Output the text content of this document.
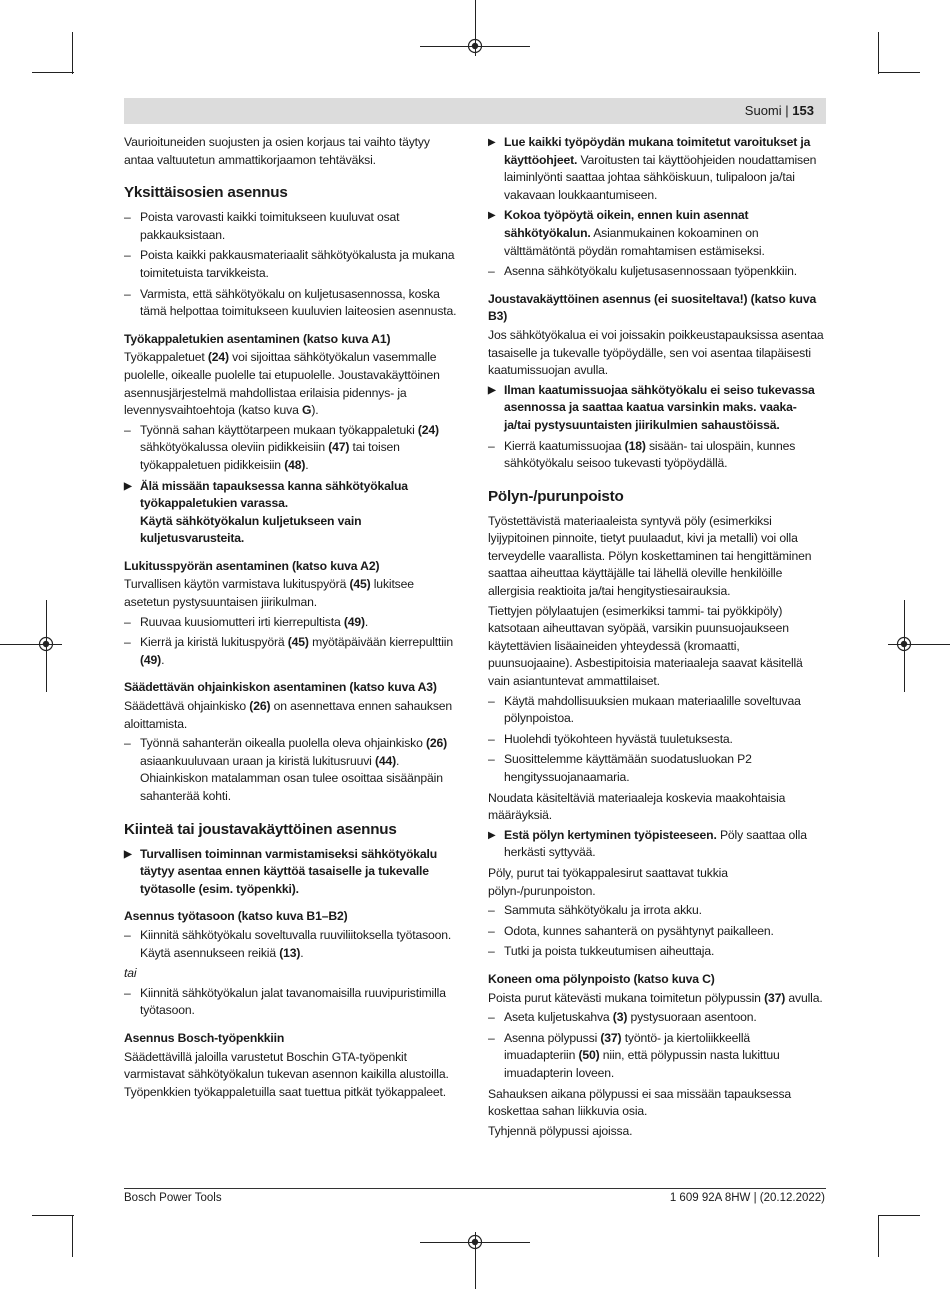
Suomi | 153

Vaurioituneiden suojusten ja osien korjaus tai vaihto täytyy antaa valtuutetun ammattikorjaamon tehtäväksi.

Yksittäisosien asennus
– Poista varovasti kaikki toimitukseen kuuluvat osat pakkauksistaan.
– Poista kaikki pakkausmateriaalit sähkötyökalusta ja mukana toimitetuista tarvikkeista.
– Varmista, että sähkötyökalu on kuljetusasennossa, koska tämä helpottaa toimitukseen kuuluvien laiteosien asennusta.
Työkappaletukien asentaminen (katso kuva A1)

Työkappaletuet (24) voi sijoittaa sähkötyökalun vasemmalle puolelle, oikealle puolelle tai etupuolelle. Joustavakäyttöinen asennusjärjestelmä mahdollistaa erilaisia pidennys- ja levennysvaihtoehtoja (katso kuva G).

– Työnnä sahan käyttötarpeen mukaan työkappaletuki (24) sähkötyökalussa oleviin pidikkeisiin (47) tai toisen työkappaletuen pidikkeisiin (48).
▶ Älä missään tapauksessa kanna sähkötyökalua työkappaletukien varassa.
Käytä sähkötyökalun kuljetukseen vain kuljetusvarusteita.
Lukitusspyörän asentaminen (katso kuva A2)

Turvallisen käytön varmistava lukituspyörä (45) lukitsee asetetun pystysuuntaisen jiirikulman.

– Ruuvaa kuusiomutteri irti kierrepultista (49).
– Kierrä ja kiristä lukituspyörä (45) myötäpäivään kierrepulttiin (49).
Säädettävän ohjainkiskon asentaminen (katso kuva A3)

Säädettävä ohjainkisko (26) on asennettava ennen sahauksen aloittamista.

– Työnnä sahanterän oikealla puolella oleva ohjainkisko (26) asiaankuuluvaan uraan ja kiristä lukitusruuvi (44). Ohiainkiskon matalamman osan tulee osoittaa sisäänpäin sahanterää kohti.
Kiinteä tai joustavakäyttöinen asennus
▶ Turvallisen toiminnan varmistamiseksi sähkötyökalu täytyy asentaa ennen käyttöä tasaiselle ja tukevalle työtasolle (esim. työpenkki).
Asennus työtasoon (katso kuva B1–B2)
– Kiinnitä sähkötyökalu soveltuvalla ruuviliitoksella työtasoon. Käytä asennukseen reikiä (13).

tai

– Kiinnitä sähkötyökalun jalat tavanomaisilla ruuvipuristimilla työtasoon.
Asennus Bosch-työpenkkiin

Säädettävillä jaloilla varustetut Boschin GTA-työpenkit varmistavat sähkötyökalun tukevan asennon kaikilla alustoilla. Työpenkkien työkappaletuilla saat tuettua pitkät työkappaleet.

▶ Lue kaikki työpöydän mukana toimitetut varoitukset ja käyttöohjeet. Varoitusten tai käyttöohjeiden noudattamisen laiminlyönti saattaa johtaa sähköiskuun, tulipaloon ja/tai vakavaan loukkaantumiseen.
▶ Kokoa työpöytä oikein, ennen kuin asennat sähkötyökalun. Asianmukainen kokoaminen on välttämätöntä pöydän romahtamisen estämiseksi.
– Asenna sähkötyökalu kuljetusasennossaan työpenkkiin.
Joustavakäyttöinen asennus (ei suositeltava!) (katso kuva B3)

Jos sähkötyökalua ei voi joissakin poikkeustapauksissa asentaa tasaiselle ja tukevalle työpöydälle, sen voi asentaa tilapäisesti kaatumissuojan avulla.

▶ Ilman kaatumissuojaa sähkötyökalu ei seiso tukevassa asennossa ja saattaa kaatua varsinkin maks. vaaka- ja/tai pystysuuntaisten jiirikulmien sahaustöissä.
– Kierrä kaatumissuojaa (18) sisään- tai ulospäin, kunnes sähkötyökalu seisoo tukevasti työpöydällä.
Pölyn-/purunpoisto

Työstettävistä materiaaleista syntyvä pöly (esimerkiksi lyijypitoinen pinnoite, tietyt puulaadut, kivi ja metalli) voi olla terveydelle vaarallista. Pölyn koskettaminen tai hengittäminen saattaa aiheuttaa käyttäjälle tai lähellä oleville henkilöille allergisia reaktioita ja/tai hengitystiesairauksia.

Tiettyjen pölylaatujen (esimerkiksi tammi- tai pyökkipöly) katsotaan aiheuttavan syöpää, varsikin puunsuojaukseen käytettävien lisäaineiden yhteydessä (kromaatti, puunsuojaaine). Asbestipitoisia materiaaleja saavat käsitellä vain asiantuntevat ammattilaiset.

– Käytä mahdollisuuksien mukaan materiaalille soveltuvaa pölynpoistoa.
– Huolehdi työkohteen hyvästä tuuletuksesta.
– Suosittelemme käyttämään suodatusluokan P2 hengityssuojanaamaria.

Noudata käsiteltäviä materiaaleja koskevia maakohtaisia määräyksiä.

▶ Estä pölyn kertyminen työpisteeseen. Pöly saattaa olla herkästi syttyvää.

Pöly, purut tai työkappalesirut saattavat tukkia pölyn-/purunpoiston.

– Sammuta sähkötyökalu ja irrota akku.
– Odota, kunnes sahanterä on pysähtynyt paikalleen.
– Tutki ja poista tukkeutumisen aiheuttaja.
Koneen oma pölynpoisto (katso kuva C)

Poista purut kätevästi mukana toimitetun pölypussin (37) avulla.

– Aseta kuljetuskahva (3) pystysuoraan asentoon.
– Asenna pölypussi (37) työntö- ja kiertoliikkeellä imuadapteriin (50) niin, että pölypussin nasta lukittuu imuadapterin loveen.

Sahauksen aikana pölypussi ei saa missään tapauksessa koskettaa sahan liikkuvia osia.

Tyhjennä pölypussi ajoissa.

Bosch Power Tools	1 609 92A 8HW | (20.12.2022)
